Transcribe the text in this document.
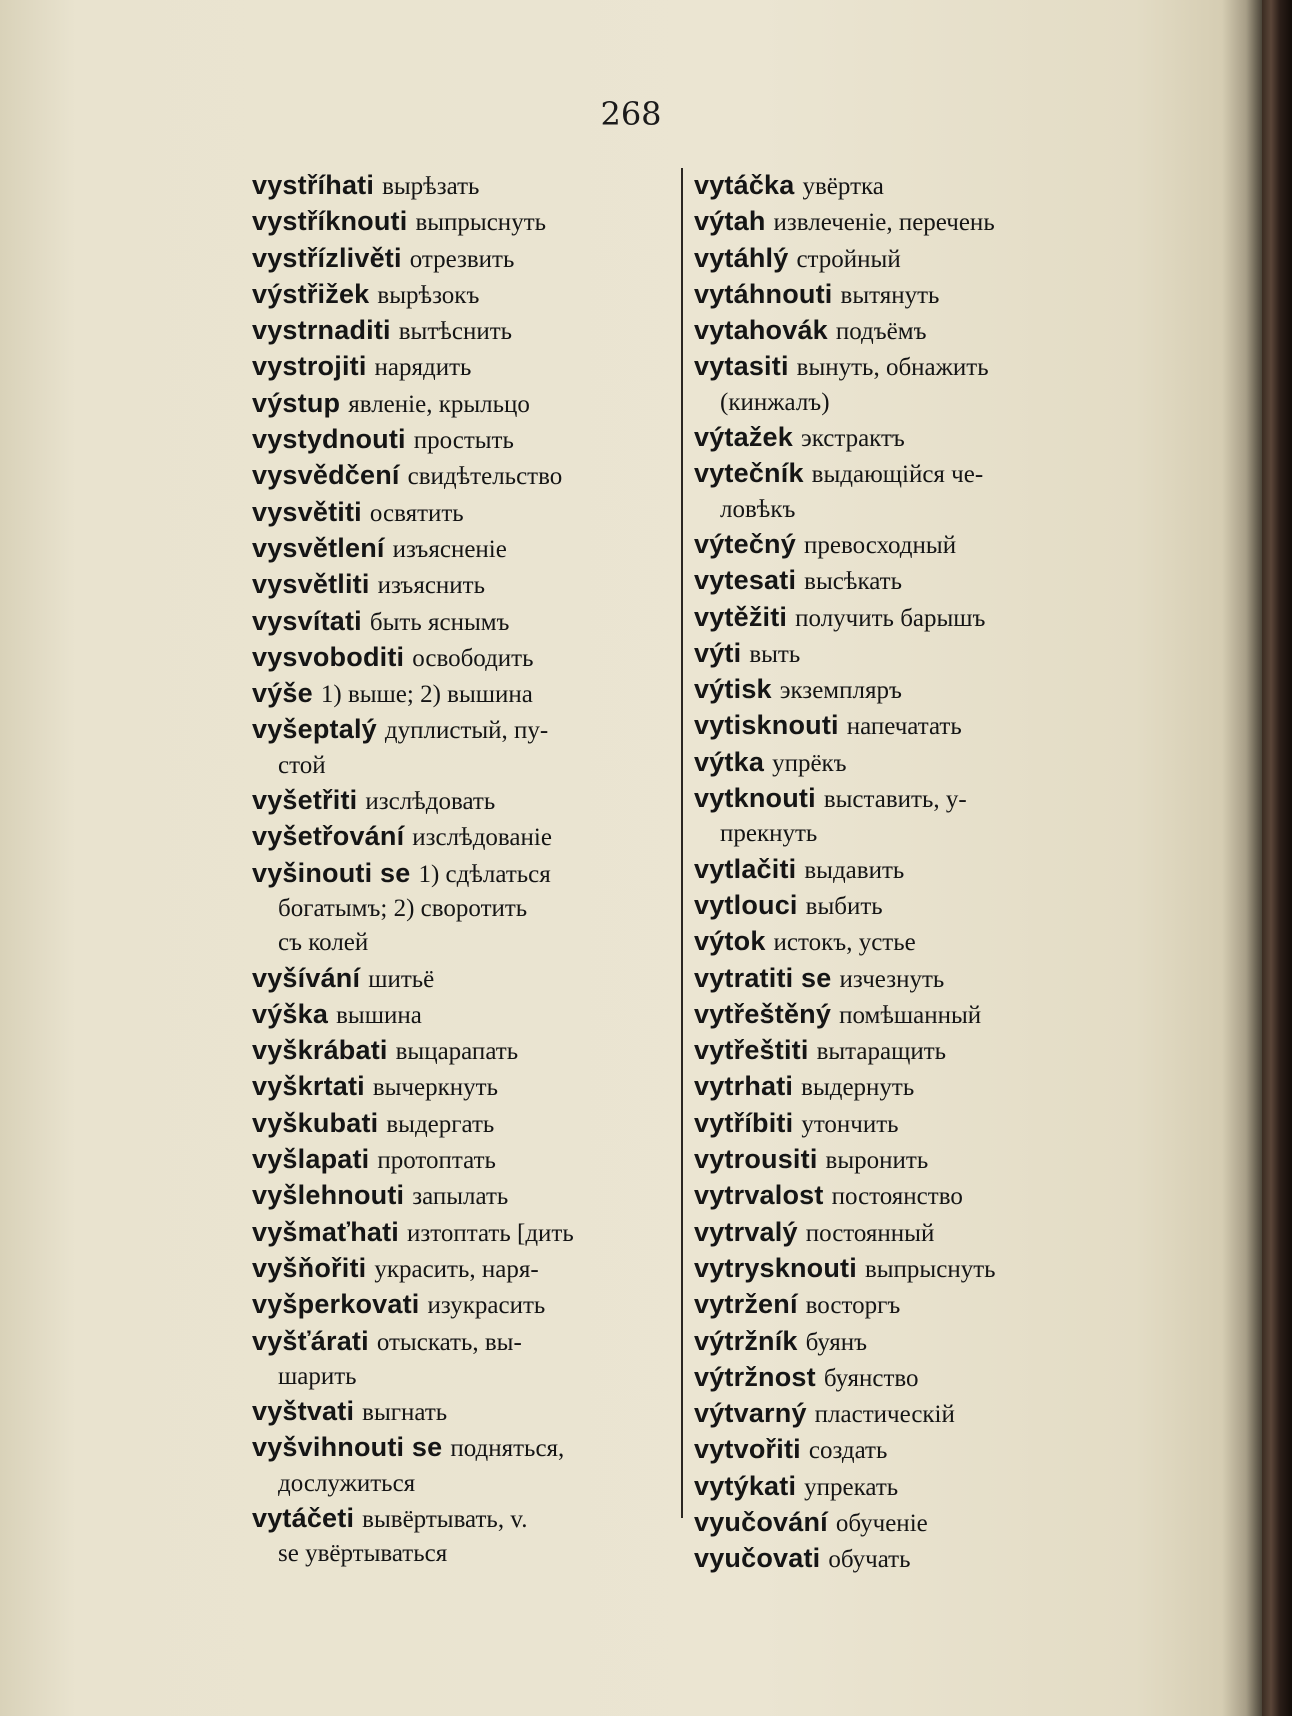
268
vystříhati вырѣзать
vystříknouti выпрыснуть
vystřízlivěti отрезвить
výstřižek вырѣзокъ
vystrnaditi вытѣснить
vystrojiti нарядить
výstup явленіе, крыльцо
vystydnouti простыть
vysvědčení свидѣтельство
vysvětiti освятить
vysvětlení изъясненіе
vysvětliti изъяснить
vysvítati быть яснымъ
vysvoboditi освободить
výše 1) выше; 2) вышина
vyšeptalý дуплистый, пу-
стой
vyšetřiti изслѣдовать
vyšetřování изслѣдованіе
vyšinouti se 1) сдѣлаться
богатымъ; 2) своротить
съ колей
vyšívání шитьё
výška вышина
vyškrábati выцарапать
vyškrtati вычеркнуть
vyškubati выдергать
vyšlapati протоптать
vyšlehnouti запылать
vyšmaťhati изтоптать [дить
vyšňořiti украсить, наря-
vyšperkovati изукрасить
vyšťárati отыскать, вы-
шарить
vyštvati выгнать
vyšvihnouti se подняться,
дослужиться
vytáčeti вывёртывать, v.
se увёртываться
vytáčka увёртка
výtah извлеченіе, перечень
vytáhlý стройный
vytáhnouti вытянуть
vytahovák подъёмъ
vytasiti вынуть, обнажить
(кинжалъ)
výtažek экстрактъ
vytečník выдающійся че-
ловѣкъ
výtečný превосходный
vytesati высѣкать
vytěžiti получить барышъ
výti выть
výtisk экземпляръ
vytisknouti напечатать
výtka упрёкъ
vytknouti выставить, у-
прекнуть
vytlačiti выдавить
vytlouci выбить
výtok истокъ, устье
vytratiti se изчезнуть
vytřeštěný помѣшанный
vytřeštiti вытаращить
vytrhati выдернуть
vytříbiti утончить
vytrousiti выронить
vytrvalost постоянство
vytrvalý постоянный
vytrysknouti выпрыснуть
vytržení восторгъ
výtržník буянъ
výtržnost буянство
výtvarný пластическій
vytvořiti создать
vytýkati упрекать
vyučování обученіе
vyučovati обучать
